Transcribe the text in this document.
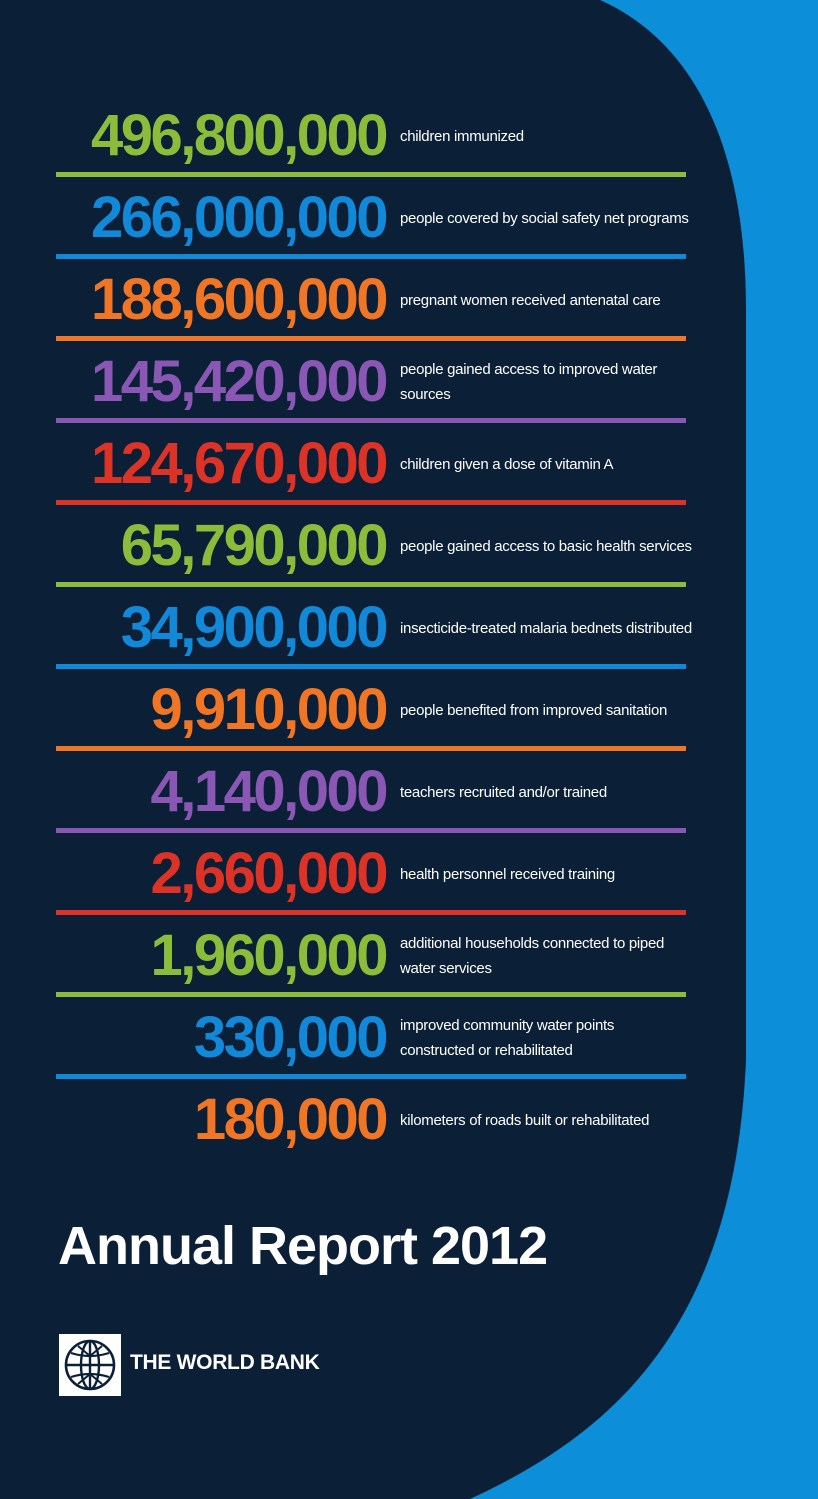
496,800,000 children immunized
266,000,000 people covered by social safety net programs
188,600,000 pregnant women received antenatal care
145,420,000 people gained access to improved water sources
124,670,000 children given a dose of vitamin A
65,790,000 people gained access to basic health services
34,900,000 insecticide-treated malaria bednets distributed
9,910,000 people benefited from improved sanitation
4,140,000 teachers recruited and/or trained
2,660,000 health personnel received training
1,960,000 additional households connected to piped water services
330,000 improved community water points constructed or rehabilitated
180,000 kilometers of roads built or rehabilitated
Annual Report 2012
THE WORLD BANK
